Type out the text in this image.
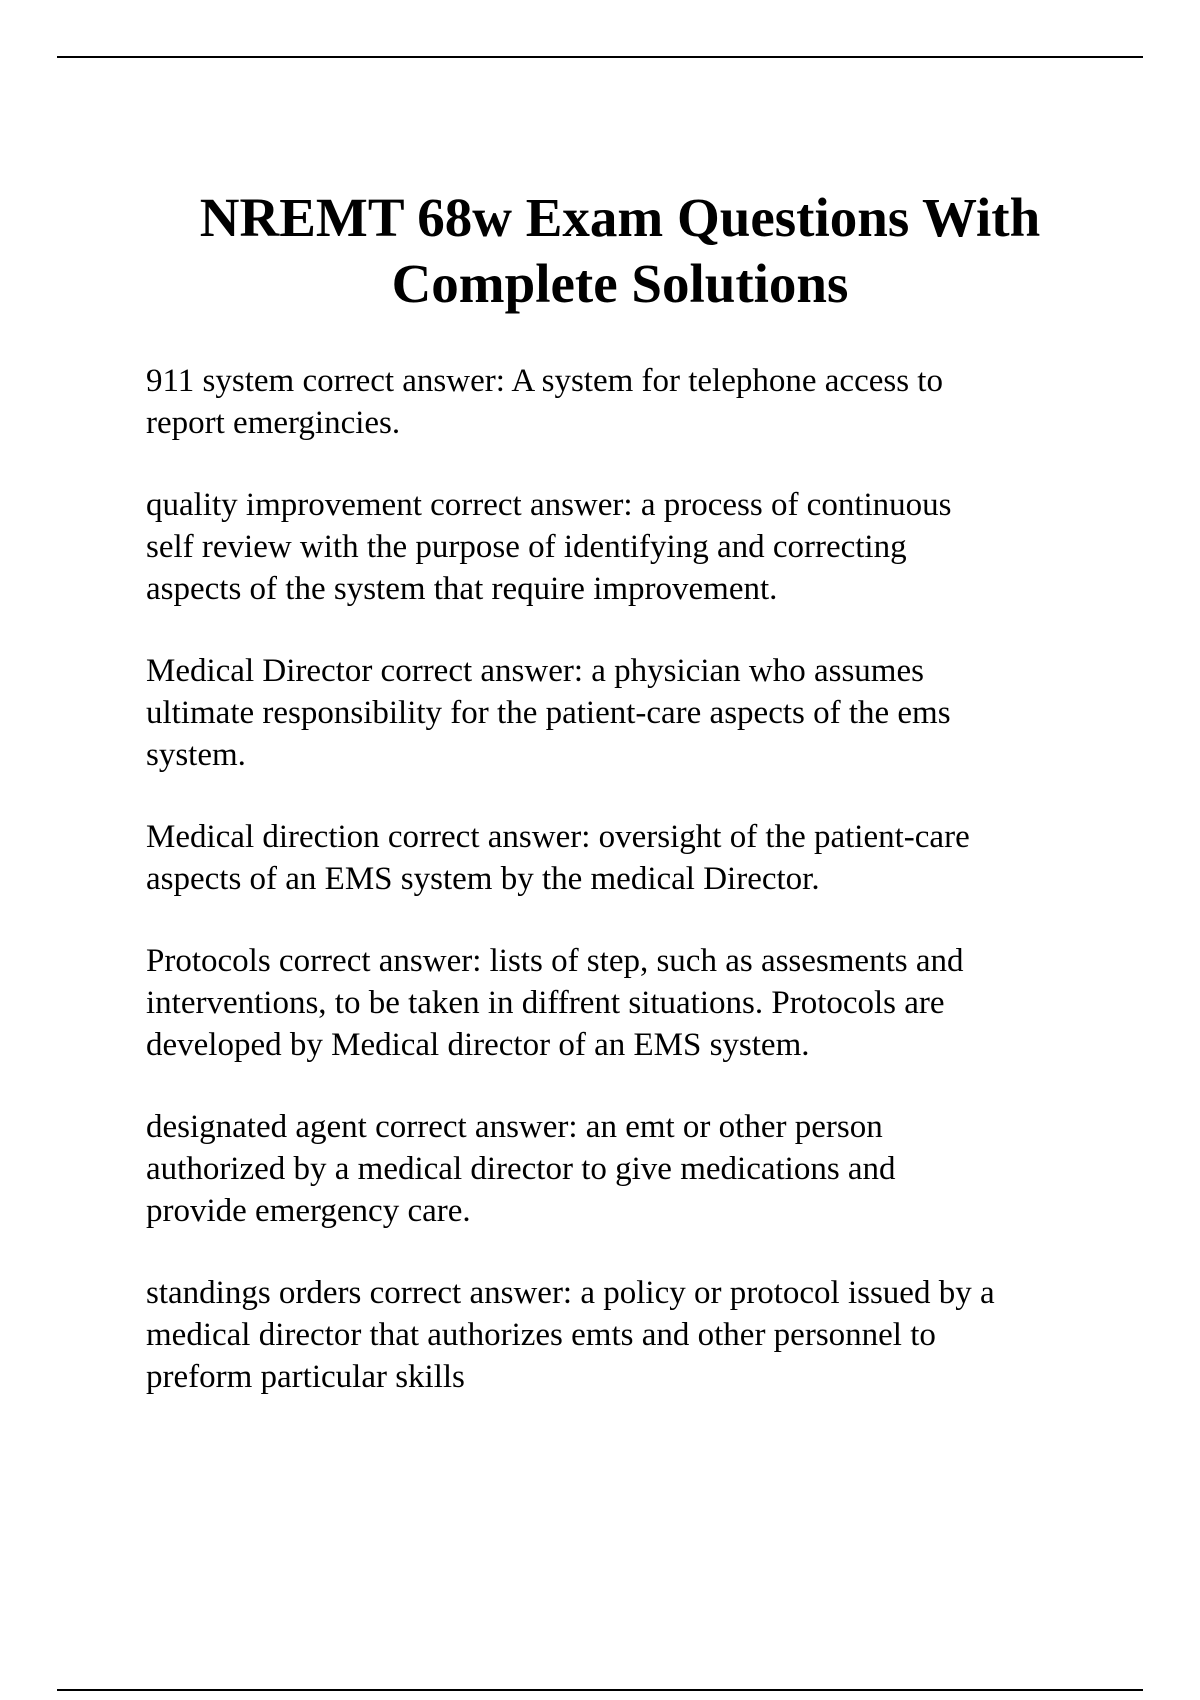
NREMT 68w Exam Questions With
Complete Solutions

911 system correct answer: A system for telephone access to
report emergincies.

quality improvement correct answer: a process of continuous
self review with the purpose of identifying and correcting
aspects of the system that require improvement.

Medical Director correct answer: a physician who assumes
ultimate responsibility for the patient-care aspects of the ems
system.

Medical direction correct answer: oversight of the patient-care
aspects of an EMS system by the medical Director.

Protocols correct answer: lists of step, such as assesments and
interventions, to be taken in diffrent situations. Protocols are
developed by Medical director of an EMS system.

designated agent correct answer: an emt or other person
authorized by a medical director to give medications and
provide emergency care.

standings orders correct answer: a policy or protocol issued by a
medical director that authorizes emts and other personnel to
preform particular skills
